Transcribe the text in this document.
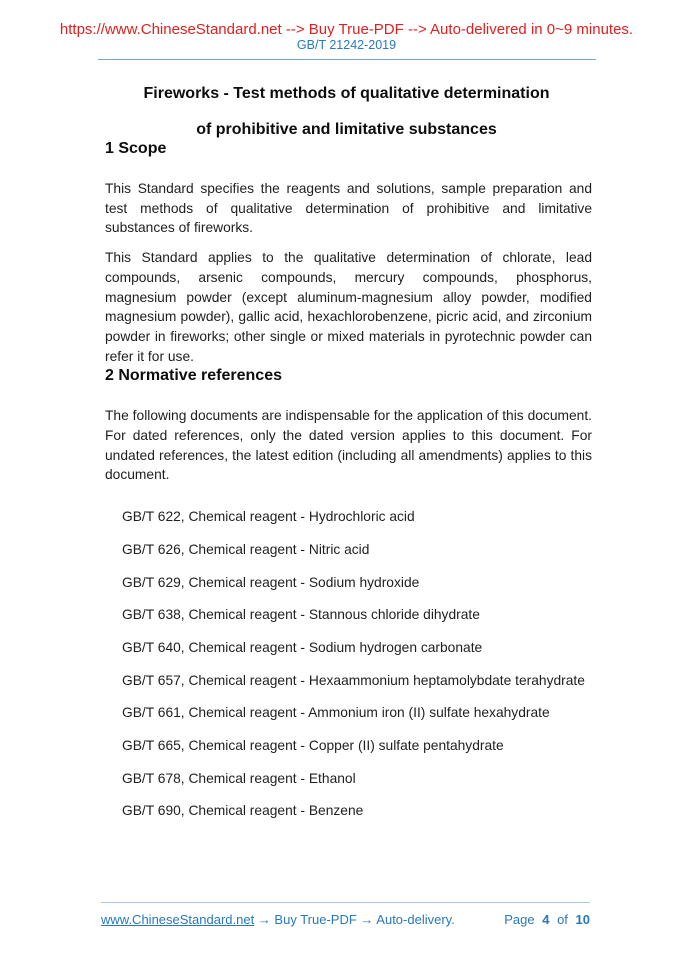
https://www.ChineseStandard.net --> Buy True-PDF --> Auto-delivered in 0~9 minutes.
GB/T 21242-2019
Fireworks - Test methods of qualitative determination
of prohibitive and limitative substances
1 Scope

This Standard specifies the reagents and solutions, sample preparation and test methods of qualitative determination of prohibitive and limitative substances of fireworks.

This Standard applies to the qualitative determination of chlorate, lead compounds, arsenic compounds, mercury compounds, phosphorus, magnesium powder (except aluminum-magnesium alloy powder, modified magnesium powder), gallic acid, hexachlorobenzene, picric acid, and zirconium powder in fireworks; other single or mixed materials in pyrotechnic powder can refer it for use.

2 Normative references

The following documents are indispensable for the application of this document. For dated references, only the dated version applies to this document. For undated references, the latest edition (including all amendments) applies to this document.

GB/T 622, Chemical reagent - Hydrochloric acid
GB/T 626, Chemical reagent - Nitric acid
GB/T 629, Chemical reagent - Sodium hydroxide
GB/T 638, Chemical reagent - Stannous chloride dihydrate
GB/T 640, Chemical reagent - Sodium hydrogen carbonate
GB/T 657, Chemical reagent - Hexaammonium heptamolybdate terahydrate
GB/T 661, Chemical reagent - Ammonium iron (II) sulfate hexahydrate
GB/T 665, Chemical reagent - Copper (II) sulfate pentahydrate
GB/T 678, Chemical reagent - Ethanol
GB/T 690, Chemical reagent - Benzene
www.ChineseStandard.net → Buy True-PDF → Auto-delivery.	Page 4 of 10
